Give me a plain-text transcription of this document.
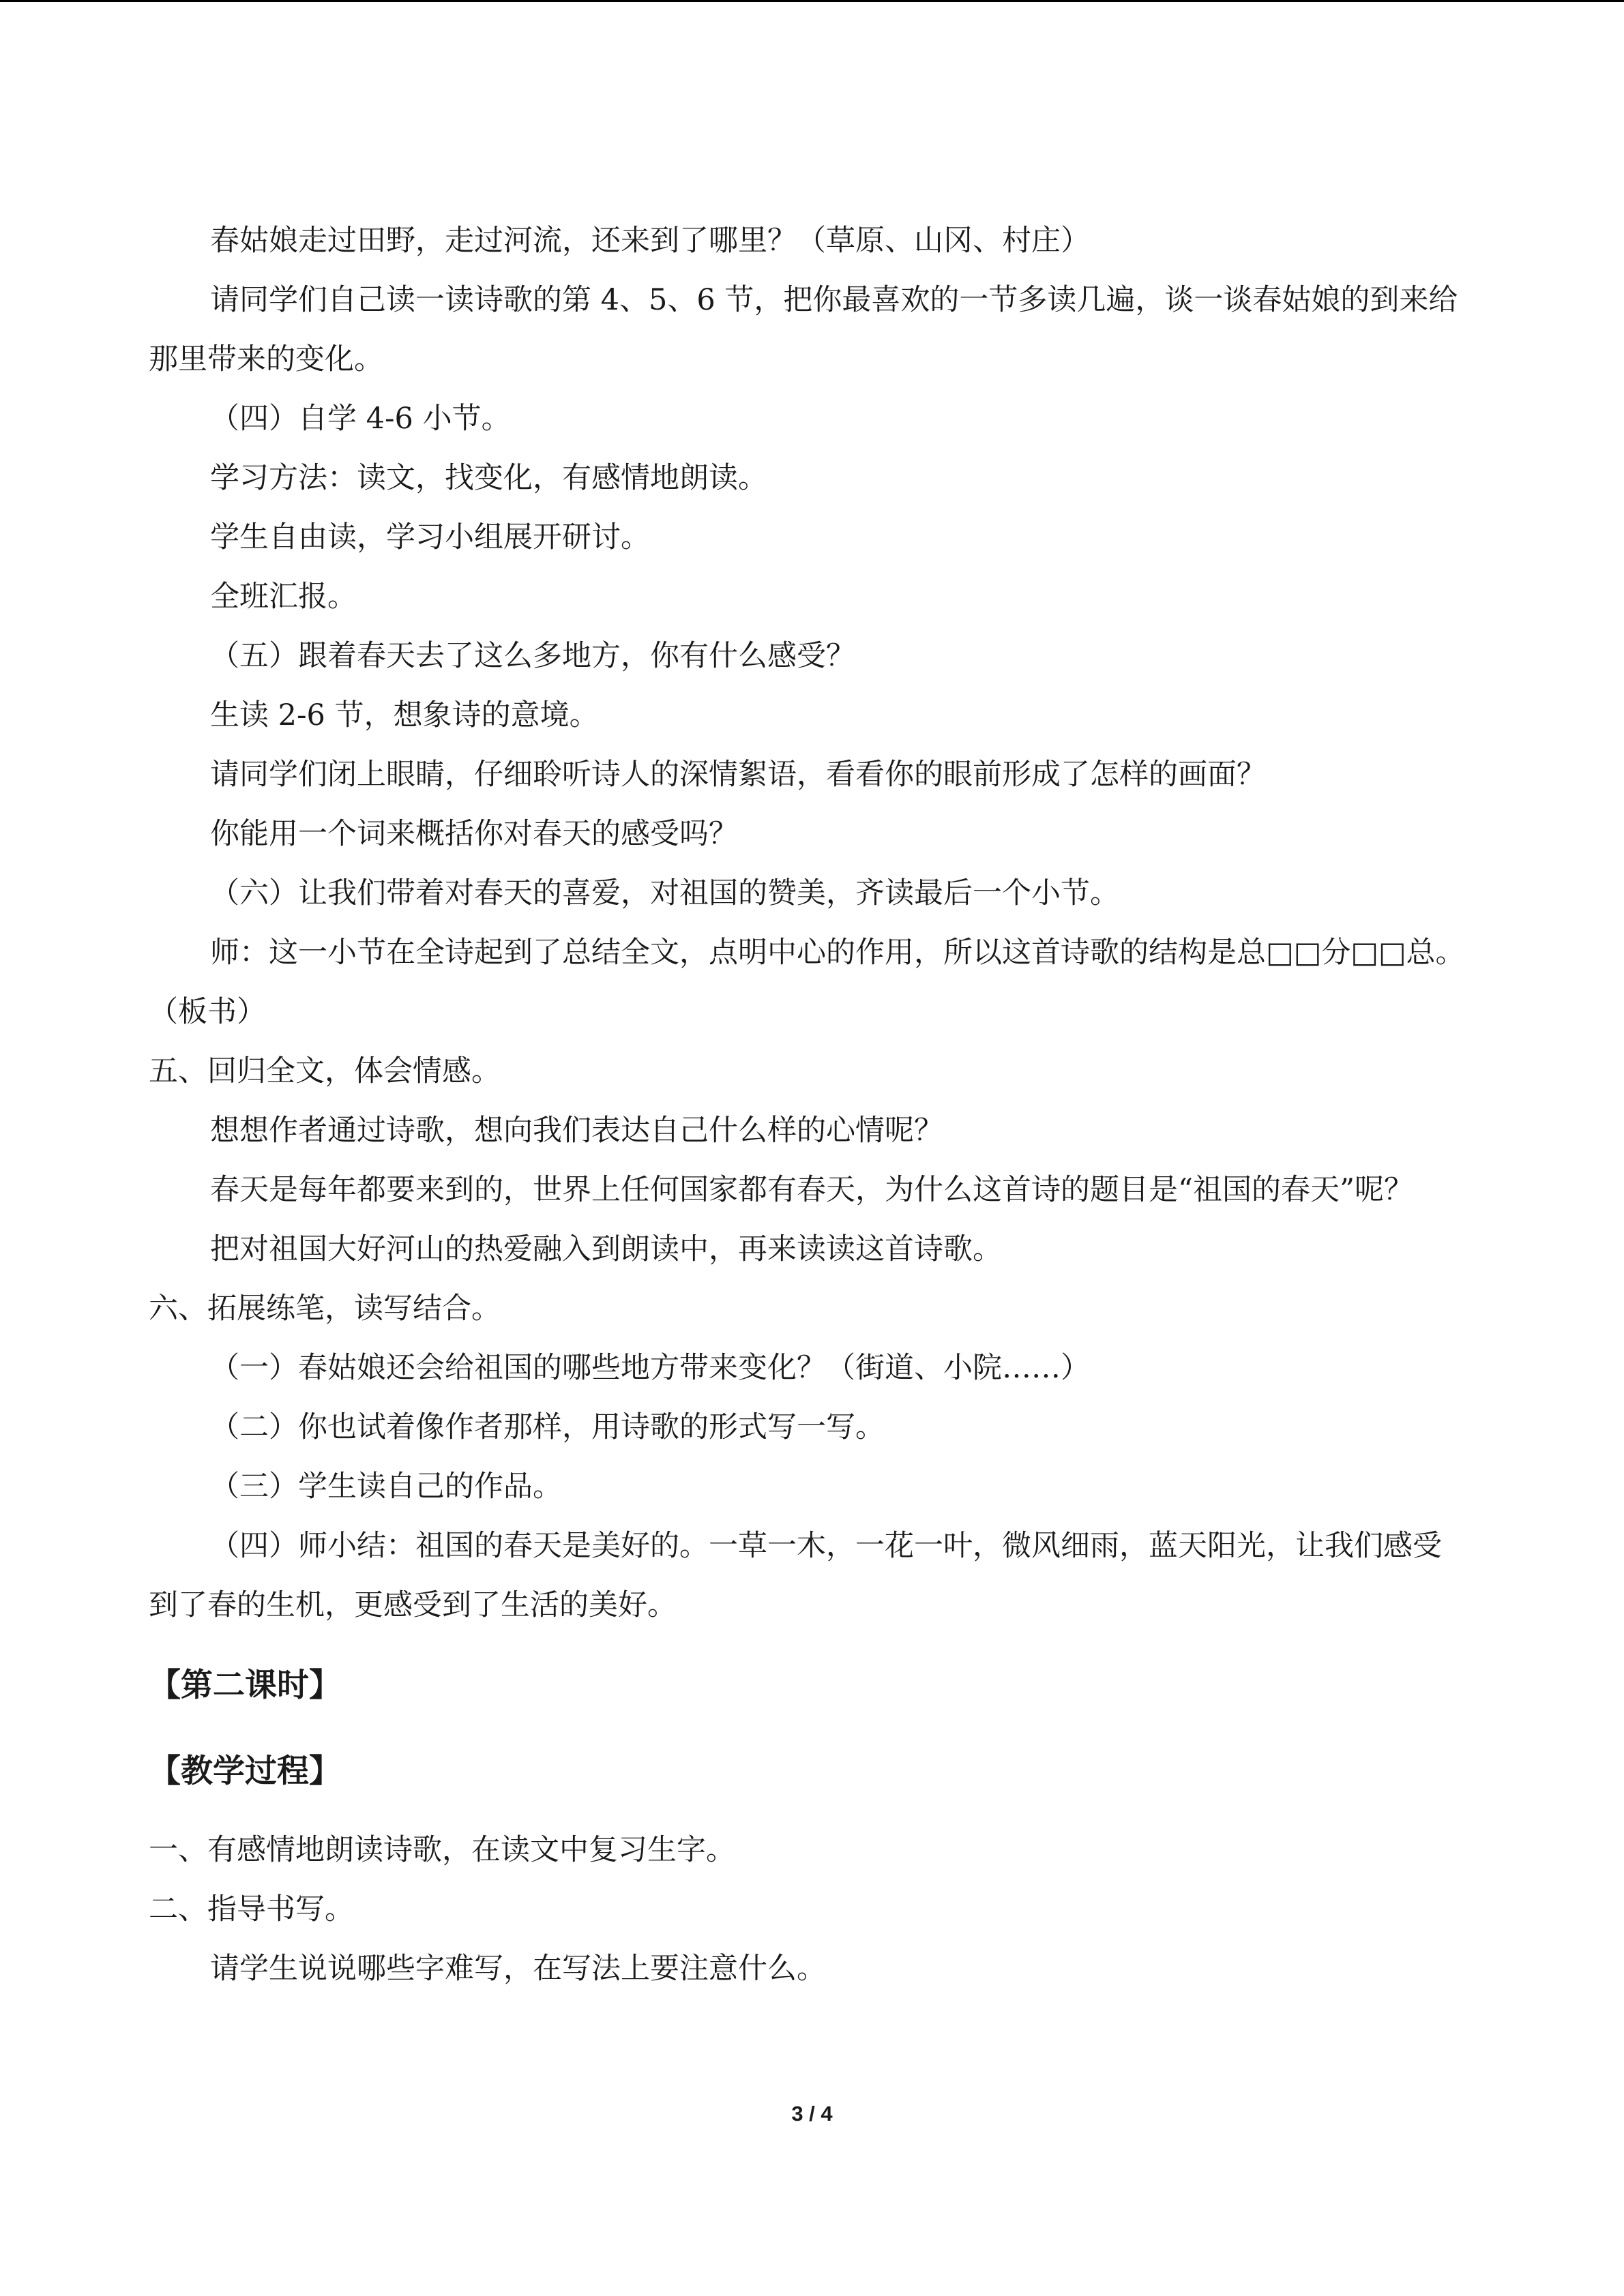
春姑娘走过田野，走过河流，还来到了哪里？（草原、山冈、村庄）

请同学们自己读一读诗歌的第 4、5、6 节，把你最喜欢的一节多读几遍，谈一谈春姑娘的到来给那里带来的变化。

（四）自学 4-6 小节。

学习方法：读文，找变化，有感情地朗读。

学生自由读，学习小组展开研讨。

全班汇报。

（五）跟着春天去了这么多地方，你有什么感受？

生读 2-6 节，想象诗的意境。

请同学们闭上眼睛，仔细聆听诗人的深情絮语，看看你的眼前形成了怎样的画面？

你能用一个词来概括你对春天的感受吗？

（六）让我们带着对春天的喜爱，对祖国的赞美，齐读最后一个小节。

师：这一小节在全诗起到了总结全文，点明中心的作用，所以这首诗歌的结构是总□□分□□总。（板书）

五、回归全文，体会情感。

想想作者通过诗歌，想向我们表达自己什么样的心情呢？

春天是每年都要来到的，世界上任何国家都有春天，为什么这首诗的题目是“祖国的春天”呢？

把对祖国大好河山的热爱融入到朗读中，再来读读这首诗歌。

六、拓展练笔，读写结合。

（一）春姑娘还会给祖国的哪些地方带来变化？（街道、小院……）

（二）你也试着像作者那样，用诗歌的形式写一写。

（三）学生读自己的作品。

（四）师小结：祖国的春天是美好的。一草一木，一花一叶，微风细雨，蓝天阳光，让我们感受到了春的生机，更感受到了生活的美好。

【第二课时】

【教学过程】

一、有感情地朗读诗歌，在读文中复习生字。

二、指导书写。

请学生说说哪些字难写，在写法上要注意什么。

3 / 4
